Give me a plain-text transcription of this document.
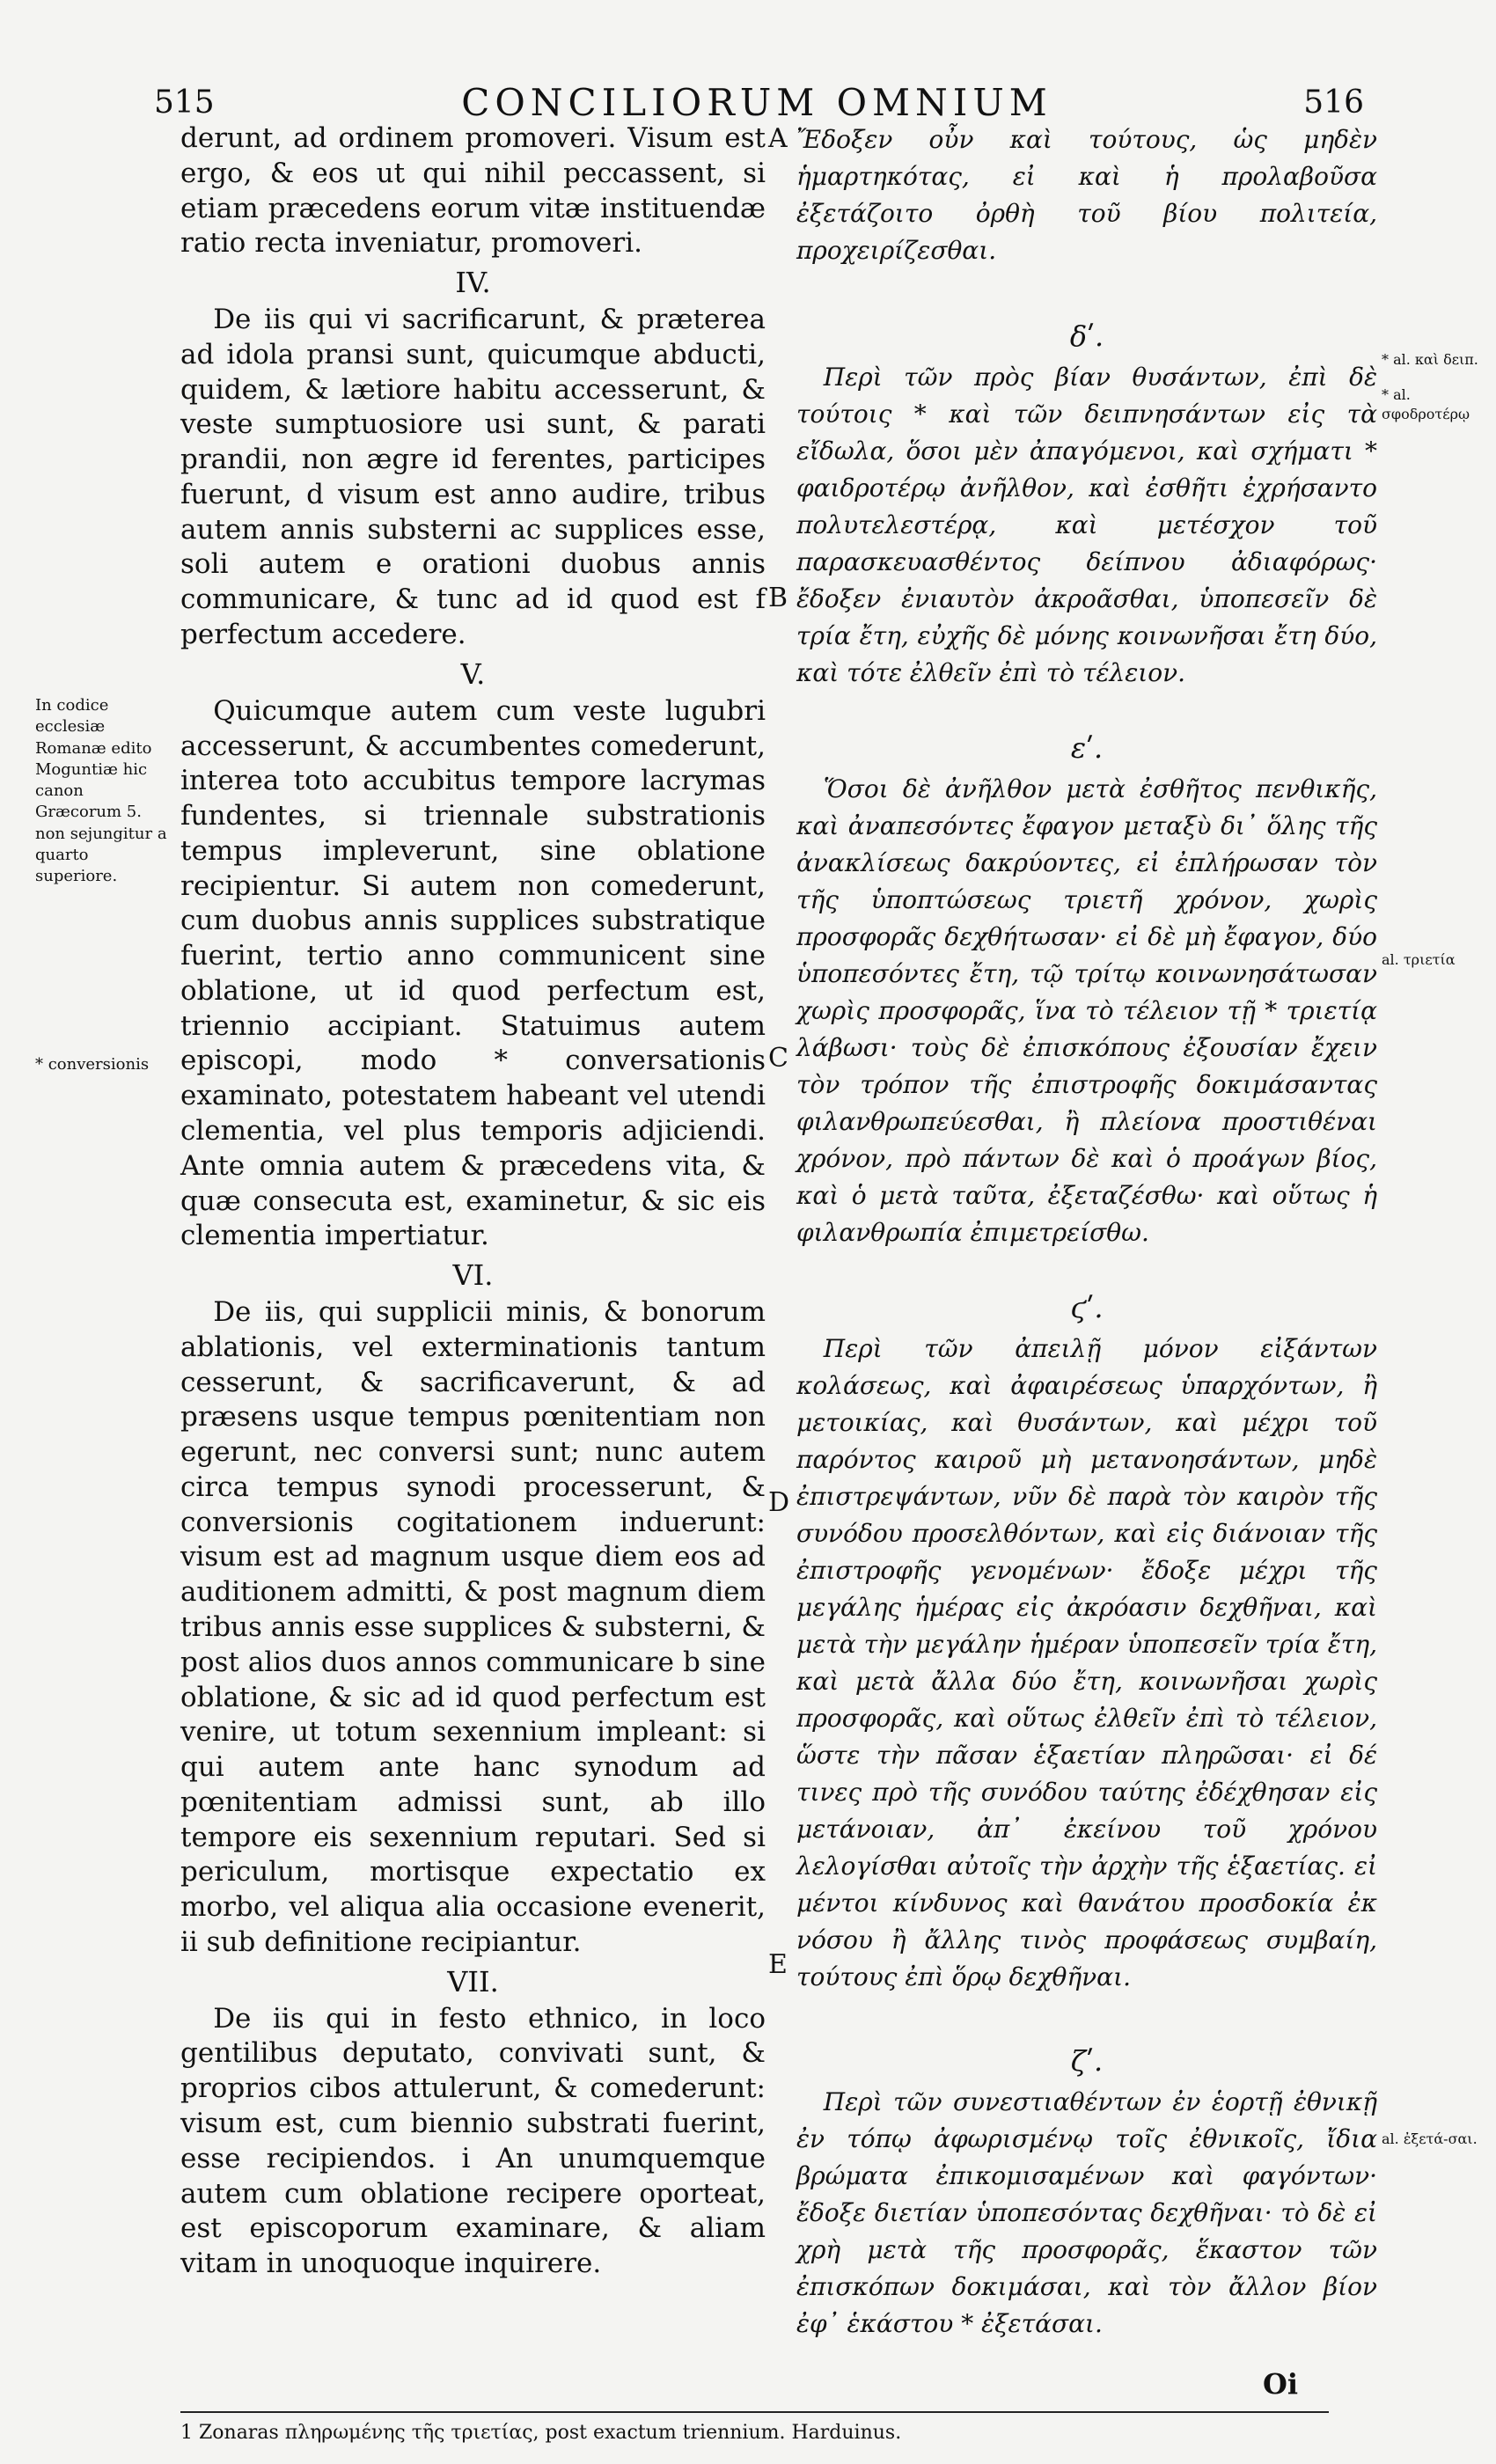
515	CONCILIORUM OMNIUM	516

derunt, ad ordinem promoveri. Visum est ergo, & eos ut qui nihil peccassent, si etiam præcedens eorum vitæ instituendæ ratio recta inveniatur, promoveri.

IV.

De iis qui vi sacrificarunt, & præterea ad idola pransi sunt, quicumque abducti, quidem, & lætiore habitu accesserunt, & veste sumptuosiore usi sunt, & parati prandii, non ægre id ferentes, participes fuerunt, d visum est anno audire, tribus autem annis substerni ac supplices esse, soli autem e orationi duobus annis communicare, & tunc ad id quod est f perfectum accedere.

V.

Quicumque autem cum veste lugubri accesserunt, & accumbentes comederunt, interea toto accubitus tempore lacrymas fundentes, si triennale substrationis tempus impleverunt, sine oblatione recipientur. Si autem non comederunt, cum duobus annis supplices substratique fuerint, tertio anno communicent sine oblatione, ut id quod perfectum est, triennio accipiant. Statuimus autem episcopi, modo * conversationis examinato, potestatem habeant vel utendi clementia, vel plus temporis adjiciendi. Ante omnia autem & præcedens vita, & quæ consecuta est, examinetur, & sic eis clementia impertiatur.

VI.

De iis, qui supplicii minis, & bonorum ablationis, vel exterminationis tantum cesserunt, & sacrificaverunt, & ad præsens usque tempus pœnitentiam non egerunt, nec conversi sunt; nunc autem circa tempus synodi processerunt, & conversionis cogitationem induerunt: visum est ad magnum usque diem eos ad auditionem admitti, & post magnum diem tribus annis esse supplices & substerni, & post alios duos annos communicare b sine oblatione, & sic ad id quod perfectum est venire, ut totum sexennium impleant: si qui autem ante hanc synodum ad pœnitentiam admissi sunt, ab illo tempore eis sexennium reputari. Sed si periculum, mortisque expectatio ex morbo, vel aliqua alia occasione evenerit, ii sub definitione recipiantur.

VII.

De iis qui in festo ethnico, in loco gentilibus deputato, convivati sunt, & proprios cibos attulerunt, & comederunt: visum est, cum biennio substrati fuerint, esse recipiendos. i An unumquemque autem cum oblatione recipere oporteat, est episcoporum examinare, & aliam vitam in unoquoque inquirere.

Ἔδοξεν οὖν καὶ τούτους, ὡς μηδὲν ἡμαρτηκότας, εἰ καὶ ἡ προλαβοῦσα ἐξετάζοιτο ὀρθὴ τοῦ βίου πολιτεία, προχειρίζεσθαι.

δʹ.

Περὶ τῶν πρὸς βίαν θυσάντων, ἐπὶ δὲ τούτοις * καὶ τῶν δειπνησάντων εἰς τὰ εἴδωλα, ὅσοι μὲν ἀπαγόμενοι, καὶ σχήματι * φαιδροτέρῳ ἀνῆλθον, καὶ ἐσθῆτι ἐχρήσαντο πολυτελεστέρᾳ, καὶ μετέσχον τοῦ παρασκευασθέντος δείπνου ἀδιαφόρως· ἔδοξεν ἐνιαυτὸν ἀκροᾶσθαι, ὑποπεσεῖν δὲ τρία ἔτη, εὐχῆς δὲ μόνης κοινωνῆσαι ἔτη δύο, καὶ τότε ἐλθεῖν ἐπὶ τὸ τέλειον.

εʹ.

Ὅσοι δὲ ἀνῆλθον μετὰ ἐσθῆτος πενθικῆς, καὶ ἀναπεσόντες ἔφαγον μεταξὺ δι᾽ ὅλης τῆς ἀνακλίσεως δακρύοντες, εἰ ἐπλήρωσαν τὸν τῆς ὑποπτώσεως τριετῆ χρόνον, χωρὶς προσφορᾶς δεχθήτωσαν· εἰ δὲ μὴ ἔφαγον, δύο ὑποπεσόντες ἔτη, τῷ τρίτῳ κοινωνησάτωσαν χωρὶς προσφορᾶς, ἵνα τὸ τέλειον τῇ * τριετίᾳ λάβωσι· τοὺς δὲ ἐπισκόπους ἐξουσίαν ἔχειν τὸν τρόπον τῆς ἐπιστροφῆς δοκιμάσαντας φιλανθρωπεύεσθαι, ἢ πλείονα προστιθέναι χρόνον, πρὸ πάντων δὲ καὶ ὁ προάγων βίος, καὶ ὁ μετὰ ταῦτα, ἐξεταζέσθω· καὶ οὕτως ἡ φιλανθρωπία ἐπιμετρείσθω.

ϛʹ.

Περὶ τῶν ἀπειλῇ μόνον εἰξάντων κολάσεως, καὶ ἀφαιρέσεως ὑπαρχόντων, ἢ μετοικίας, καὶ θυσάντων, καὶ μέχρι τοῦ παρόντος καιροῦ μὴ μετανοησάντων, μηδὲ ἐπιστρεψάντων, νῦν δὲ παρὰ τὸν καιρὸν τῆς συνόδου προσελθόντων, καὶ εἰς διάνοιαν τῆς ἐπιστροφῆς γενομένων· ἔδοξε μέχρι τῆς μεγάλης ἡμέρας εἰς ἀκρόασιν δεχθῆναι, καὶ μετὰ τὴν μεγάλην ἡμέραν ὑποπεσεῖν τρία ἔτη, καὶ μετὰ ἄλλα δύο ἔτη, κοινωνῆσαι χωρὶς προσφορᾶς, καὶ οὕτως ἐλθεῖν ἐπὶ τὸ τέλειον, ὥστε τὴν πᾶσαν ἑξαετίαν πληρῶσαι· εἰ δέ τινες πρὸ τῆς συνόδου ταύτης ἐδέχθησαν εἰς μετάνοιαν, ἀπ᾽ ἐκείνου τοῦ χρόνου λελογίσθαι αὐτοῖς τὴν ἀρχὴν τῆς ἑξαετίας. εἰ μέντοι κίνδυνος καὶ θανάτου προσδοκία ἐκ νόσου ἢ ἄλλης τινὸς προφάσεως συμβαίη, τούτους ἐπὶ ὅρῳ δεχθῆναι.

ζʹ.

Περὶ τῶν συνεστιαθέντων ἐν ἑορτῇ ἐθνικῇ ἐν τόπῳ ἀφωρισμένῳ τοῖς ἐθνικοῖς, ἴδια βρώματα ἐπικομισαμένων καὶ φαγόντων· ἔδοξε διετίαν ὑποπεσόντας δεχθῆναι· τὸ δὲ εἰ χρὴ μετὰ τῆς προσφορᾶς, ἕκαστον τῶν ἐπισκόπων δοκιμάσαι, καὶ τὸν ἄλλον βίον ἐφ᾽ ἑκάστου * ἐξετάσαι.

A
B
C
D
E
In codice ecclesiæ Romanæ edito Moguntiæ hic canon Græcorum 5. non sejungitur a quarto superiore.
* conversionis
* al. καὶ δειπ.
* al. σφοδροτέρῳ
al. τριετία
al. ἐξετά-σαι.
Oi
1 Zonaras πληρωμένης τῆς τριετίας, post exactum triennium. Harduinus.
